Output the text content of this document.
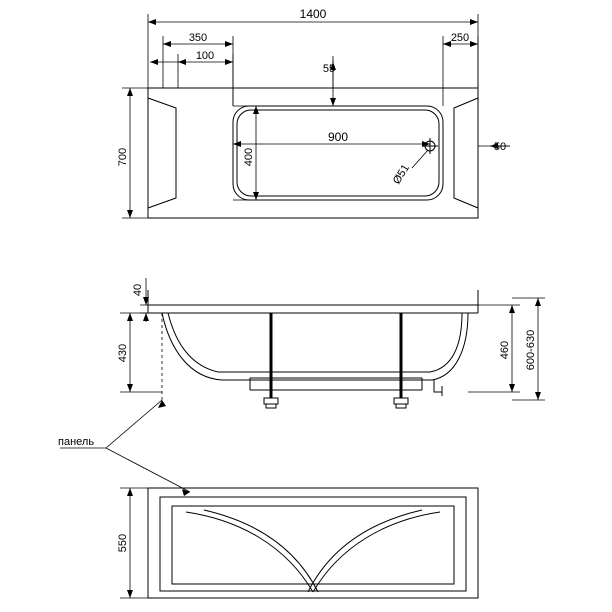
1400
350
100
250
55
700	400
900
50
Ø51
40
430	460 600-630
550
панель
